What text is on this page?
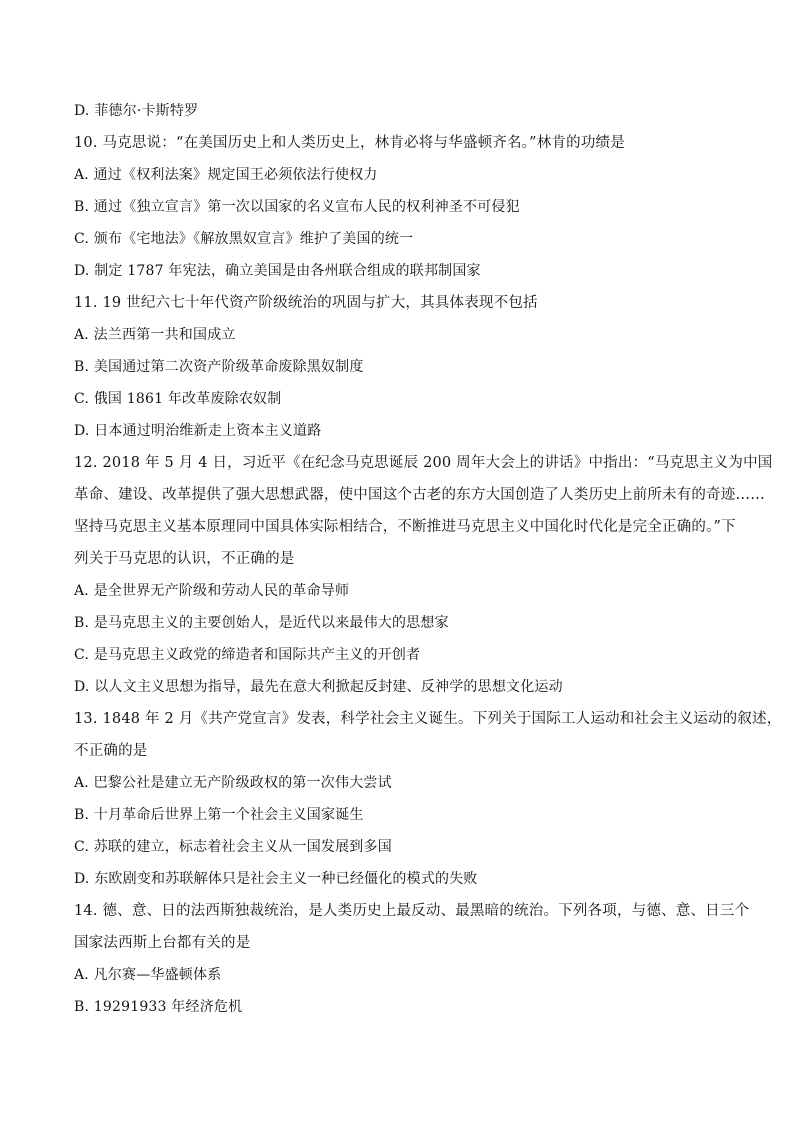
D. 菲德尔·卡斯特罗
10. 马克思说：“在美国历史上和人类历史上，林肯必将与华盛顿齐名。”林肯的功绩是
A. 通过《权利法案》规定国王必须依法行使权力
B. 通过《独立宣言》第一次以国家的名义宣布人民的权利神圣不可侵犯
C. 颁布《宅地法》《解放黑奴宣言》维护了美国的统一
D. 制定 1787 年宪法，确立美国是由各州联合组成的联邦制国家
11. 19 世纪六七十年代资产阶级统治的巩固与扩大，其具体表现不包括
A. 法兰西第一共和国成立
B. 美国通过第二次资产阶级革命废除黑奴制度
C. 俄国 1861 年改革废除农奴制
D. 日本通过明治维新走上资本主义道路
12. 2018 年 5 月 4 日，习近平《在纪念马克思诞辰 200 周年大会上的讲话》中指出：“马克思主义为中国
革命、建设、改革提供了强大思想武器，使中国这个古老的东方大国创造了人类历史上前所未有的奇迹……
坚持马克思主义基本原理同中国具体实际相结合，不断推进马克思主义中国化时代化是完全正确的。”下
列关于马克思的认识，不正确的是
A. 是全世界无产阶级和劳动人民的革命导师
B. 是马克思主义的主要创始人，是近代以来最伟大的思想家
C. 是马克思主义政党的缔造者和国际共产主义的开创者
D. 以人文主义思想为指导，最先在意大利掀起反封建、反神学的思想文化运动
13. 1848 年 2 月《共产党宣言》发表，科学社会主义诞生。下列关于国际工人运动和社会主义运动的叙述，
不正确的是
A. 巴黎公社是建立无产阶级政权的第一次伟大尝试
B. 十月革命后世界上第一个社会主义国家诞生
C. 苏联的建立，标志着社会主义从一国发展到多国
D. 东欧剧变和苏联解体只是社会主义一种已经僵化的模式的失败
14. 德、意、日的法西斯独裁统治，是人类历史上最反动、最黑暗的统治。下列各项，与德、意、日三个
国家法西斯上台都有关的是
A. 凡尔赛—华盛顿体系
B. 19291933 年经济危机
